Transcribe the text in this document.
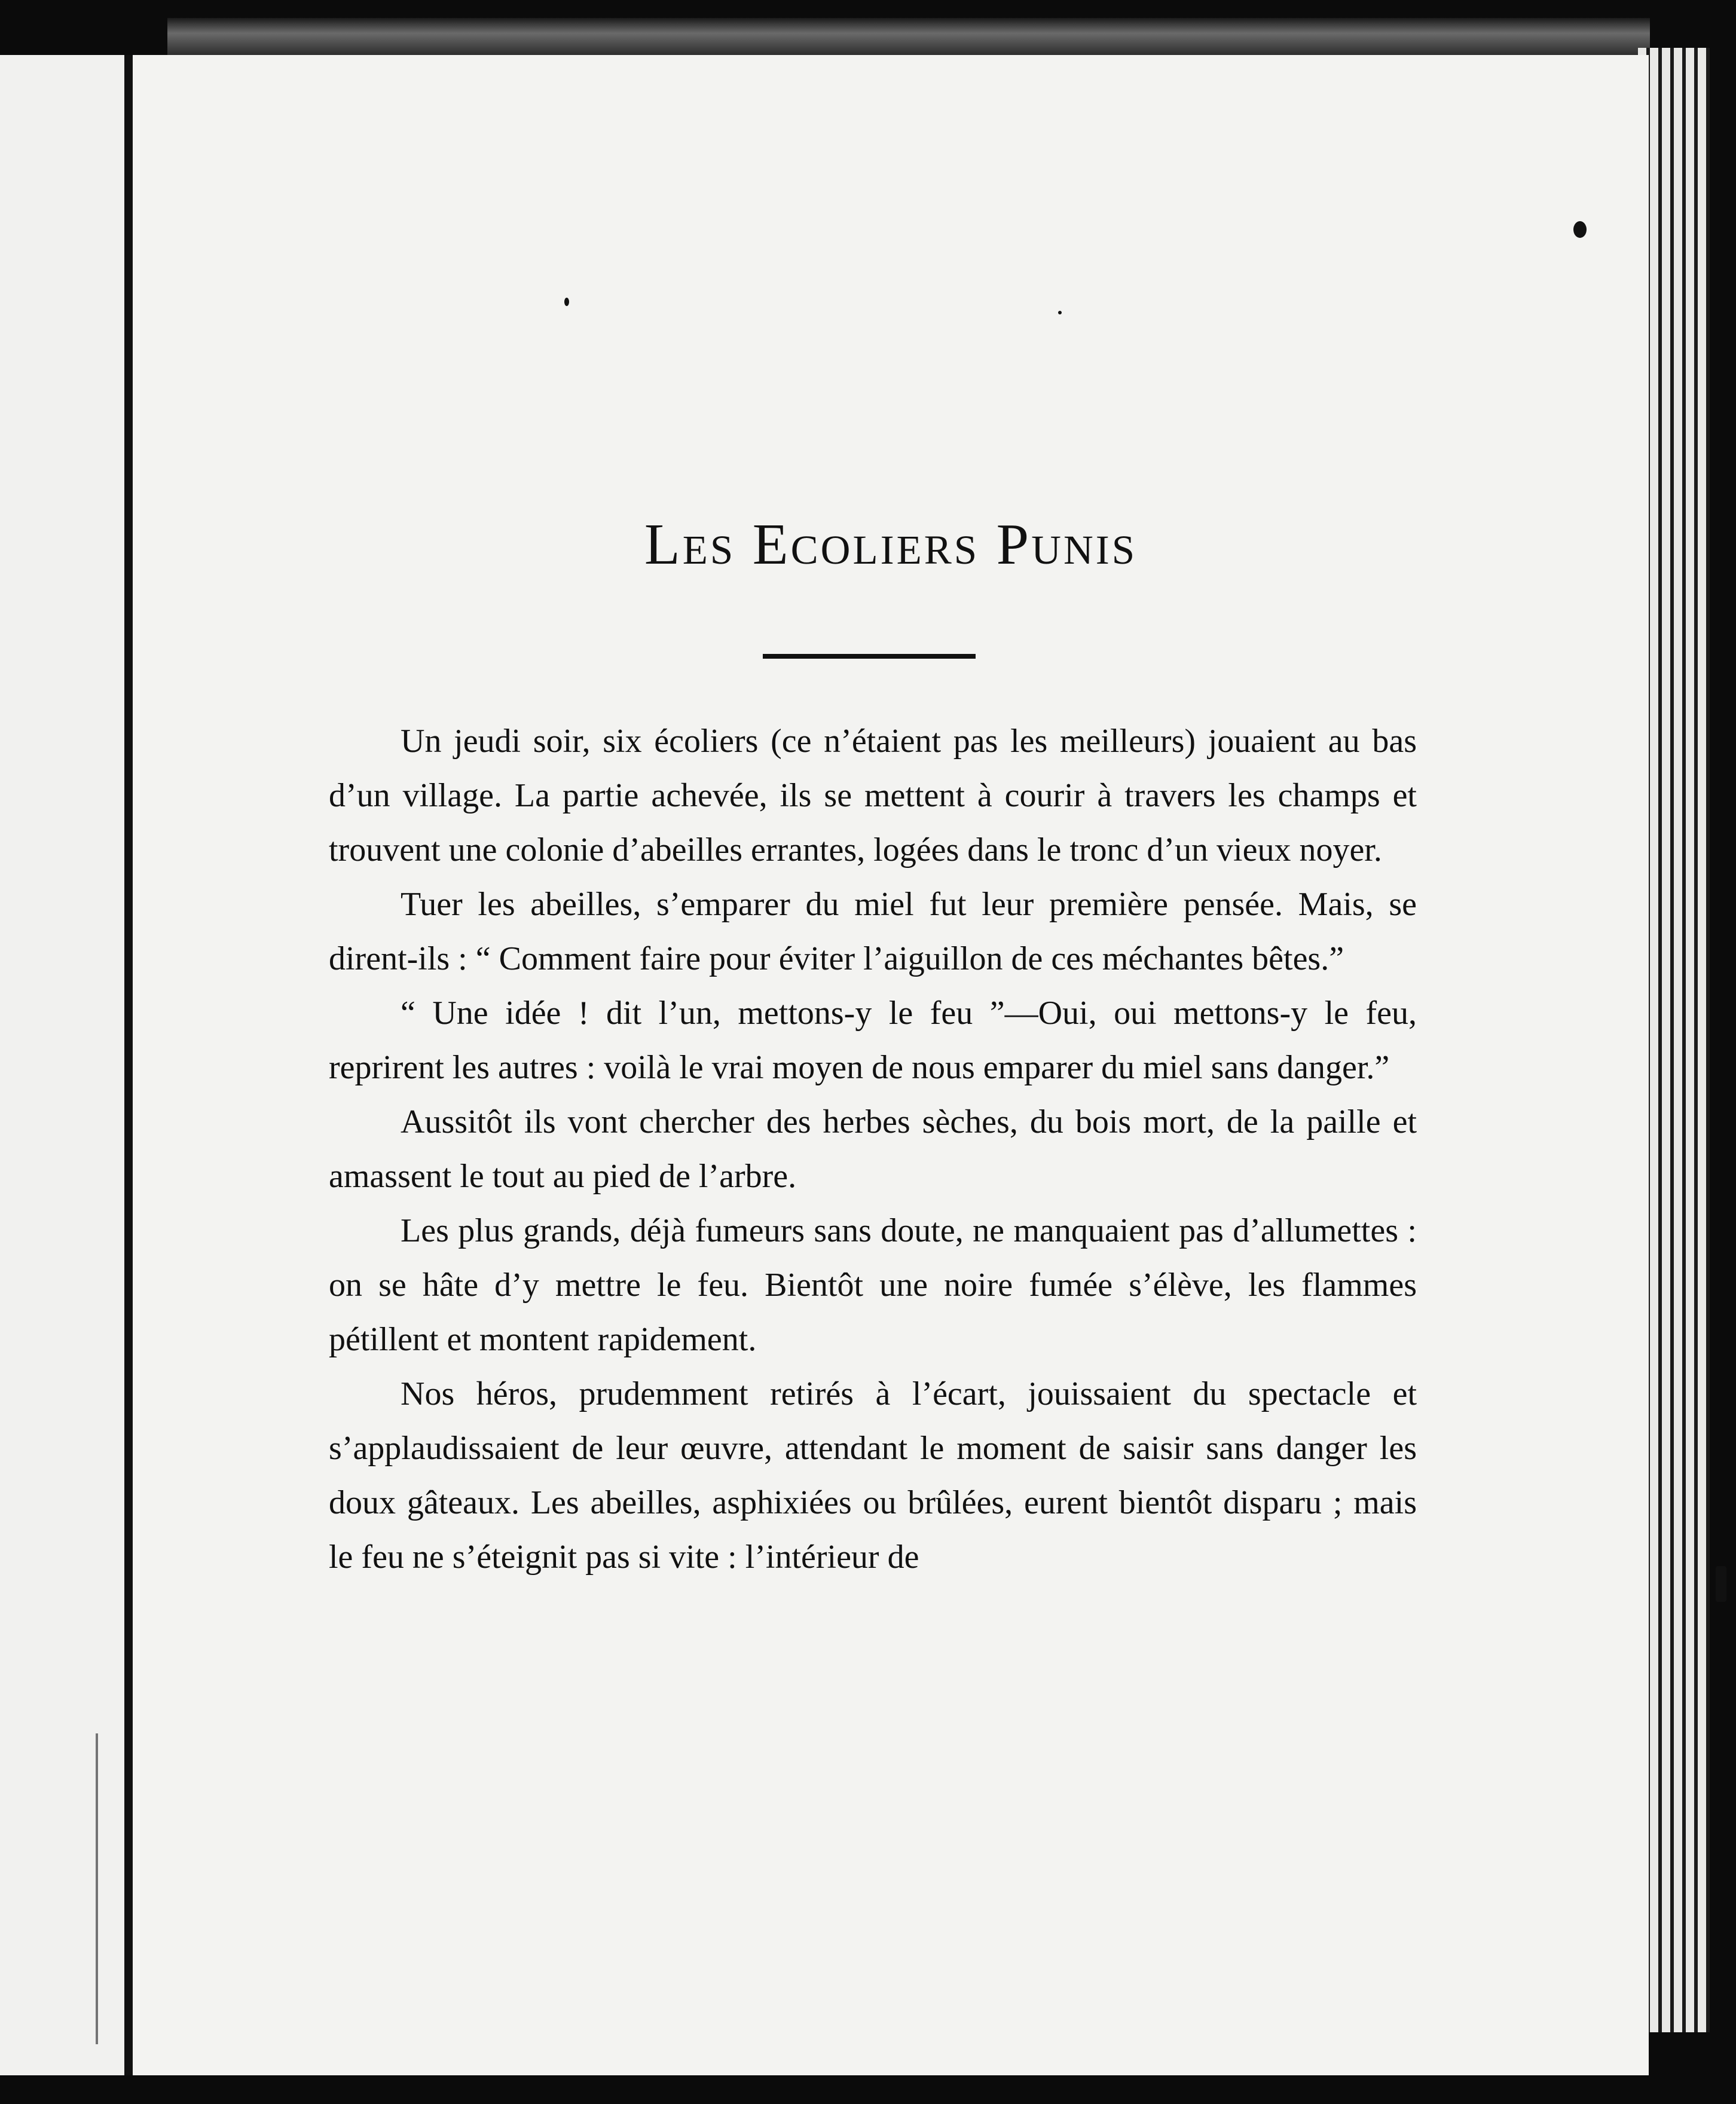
Les Ecoliers Punis

Un jeudi soir, six écoliers (ce n’étaient pas les meilleurs) jouaient au bas d’un village. La partie achevée, ils se mettent à courir à travers les champs et trouvent une colonie d’abeilles errantes, logées dans le tronc d’un vieux noyer.

Tuer les abeilles, s’emparer du miel fut leur première pensée. Mais, se dirent-ils : “ Comment faire pour éviter l’aiguillon de ces méchantes bêtes.”

“ Une idée ! dit l’un, mettons-y le feu ”—Oui, oui mettons-y le feu, reprirent les autres : voilà le vrai moyen de nous emparer du miel sans danger.”

Aussitôt ils vont chercher des herbes sèches, du bois mort, de la paille et amassent le tout au pied de l’arbre.

Les plus grands, déjà fumeurs sans doute, ne manquaient pas d’allumettes : on se hâte d’y mettre le feu. Bientôt une noire fumée s’élève, les flammes pétillent et montent rapidement.

Nos héros, prudemment retirés à l’écart, jouissaient du spectacle et s’applaudissaient de leur œuvre, attendant le moment de saisir sans danger les doux gâteaux. Les abeilles, asphixiées ou brûlées, eurent bientôt disparu ; mais le feu ne s’éteignit pas si vite : l’intérieur de
